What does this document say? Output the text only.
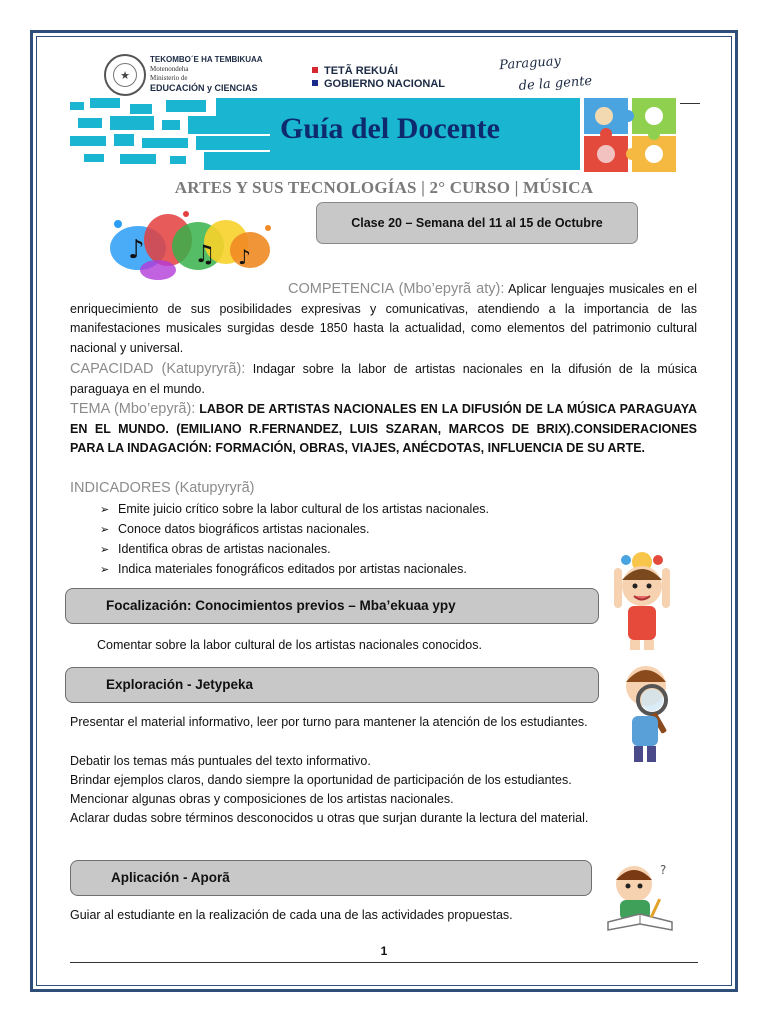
★
TEKOMBO´E HA TEMBIKUAA
Motenondeha
Ministerio de
EDUCACIÓN y CIENCIAS
TETÃ REKUÁI
GOBIERNO NACIONAL
Paraguay
de la gente
Guía del Docente
ARTES Y SUS TECNOLOGÍAS | 2° CURSO | MÚSICA
♪ ♫ ♪
Clase 20 – Semana del 11 al 15 de Octubre
COMPETENCIA (Mbo’epyrã aty): Aplicar lenguajes musicales en el enriquecimiento de sus posibilidades expresivas y comunicativas, atendiendo a la importancia de las manifestaciones musicales surgidas desde 1850 hasta la actualidad, como elementos del patrimonio cultural nacional y universal.
CAPACIDAD (Katupyryrã): Indagar sobre la labor de artistas nacionales en la difusión de la música paraguaya en el mundo.
TEMA (Mbo’epyrã): LABOR DE ARTISTAS NACIONALES EN LA DIFUSIÓN DE LA MÚSICA PARAGUAYA EN EL MUNDO. (EMILIANO R.FERNANDEZ, LUIS SZARAN, MARCOS DE BRIX).CONSIDERACIONES PARA LA INDAGACIÓN: FORMACIÓN, OBRAS, VIAJES, ANÉCDOTAS, INFLUENCIA DE SU ARTE.
INDICADORES (Katupyryrã)
➢ Emite juicio crítico sobre la labor cultural de los artistas nacionales.
➢ Conoce datos biográficos artistas nacionales.
➢ Identifica obras de artistas nacionales.
➢ Indica materiales fonográficos editados por artistas nacionales.
Focalización: Conocimientos previos – Mba’ekuaa ypy
Comentar sobre la labor cultural de los artistas nacionales conocidos.
Exploración - Jetypeka
Presentar el material informativo, leer por turno para mantener la atención de los estudiantes.
Debatir los temas más puntuales del texto informativo.
Brindar ejemplos claros, dando siempre la oportunidad de participación de los estudiantes.
Mencionar algunas obras y composiciones de los artistas nacionales.
Aclarar dudas sobre términos desconocidos u otras que surjan durante la lectura del material.
Aplicación - Aporã	?
Guiar al estudiante en la realización de cada una de las actividades propuestas.
1
